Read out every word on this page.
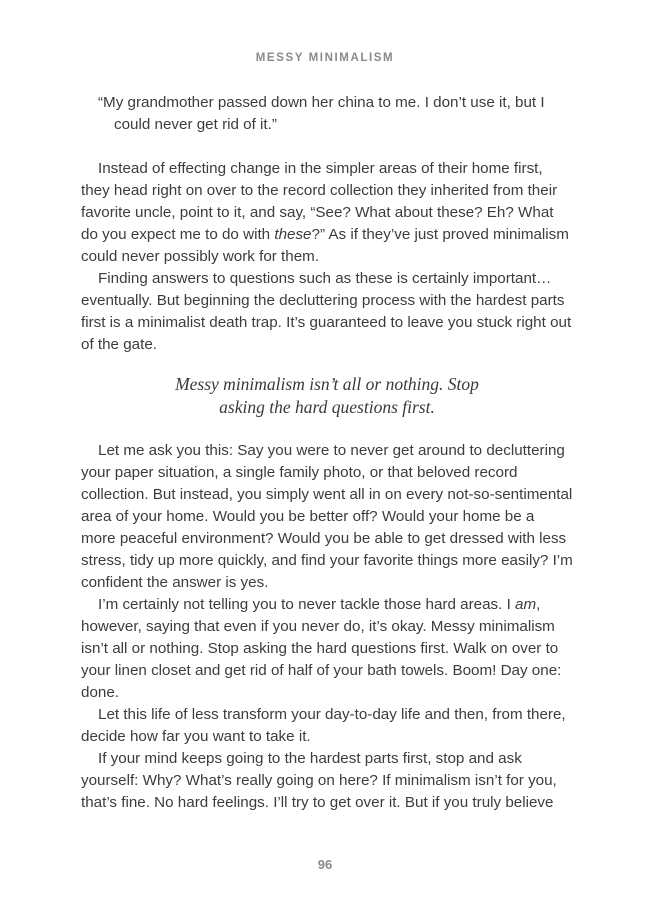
MESSY MINIMALISM
“My grandmother passed down her china to me. I don’t use it, but I could never get rid of it.”

Instead of effecting change in the simpler areas of their home first, they head right on over to the record collection they inherited from their favorite uncle, point to it, and say, “See? What about these? Eh? What do you expect me to do with these?” As if they’ve just proved minimalism could never possibly work for them.

Finding answers to questions such as these is certainly important… eventually. But beginning the decluttering process with the hardest parts first is a minimalist death trap. It’s guaranteed to leave you stuck right out of the gate.

Messy minimalism isn’t all or nothing. Stop
asking the hard questions first.

Let me ask you this: Say you were to never get around to decluttering your paper situation, a single family photo, or that beloved record collection. But instead, you simply went all in on every not-so-sentimental area of your home. Would you be better off? Would your home be a more peaceful environment? Would you be able to get dressed with less stress, tidy up more quickly, and find your favorite things more easily? I’m confident the answer is yes.

I’m certainly not telling you to never tackle those hard areas. I am, however, saying that even if you never do, it’s okay. Messy minimalism isn’t all or nothing. Stop asking the hard questions first. Walk on over to your linen closet and get rid of half of your bath towels. Boom! Day one: done.

Let this life of less transform your day-to-day life and then, from there, decide how far you want to take it.

If your mind keeps going to the hardest parts first, stop and ask yourself: Why? What’s really going on here? If minimalism isn’t for you, that’s fine. No hard feelings. I’ll try to get over it. But if you truly believe

96
